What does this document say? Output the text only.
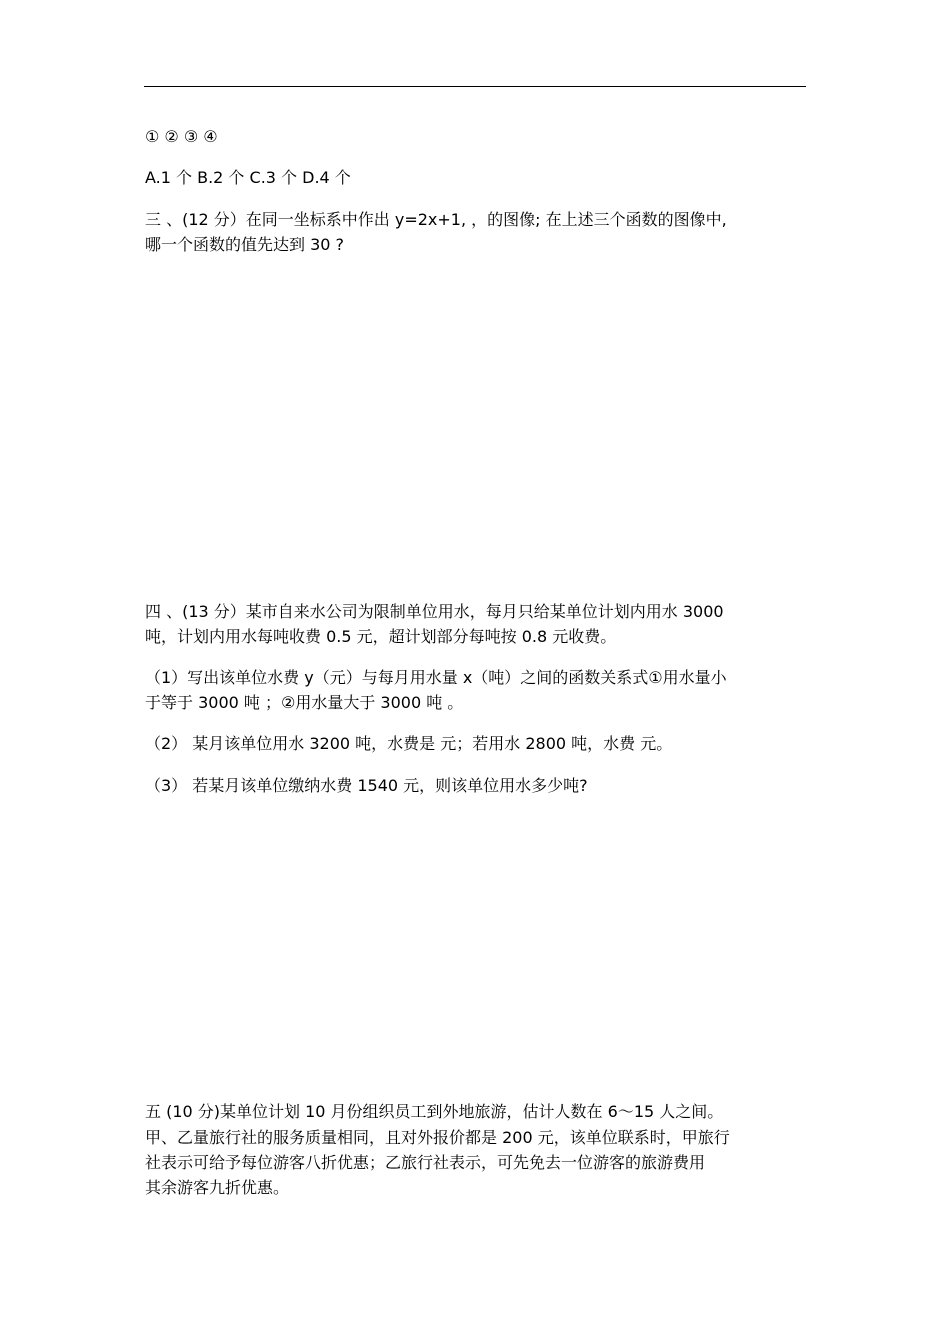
① ② ③ ④
A.1 个 B.2 个 C.3 个 D.4 个
三 、(12 分）在同一坐标系中作出 y=2x+1, ，的图像; 在上述三个函数的图像中,
哪一个函数的值先达到 30 ?
四 、(13 分）某市自来水公司为限制单位用水，每月只给某单位计划内用水 3000
吨，计划内用水每吨收费 0.5 元，超计划部分每吨按 0.8 元收费。
（1）写出该单位水费 y（元）与每月用水量 x（吨）之间的函数关系式①用水量小
于等于 3000 吨 ；②用水量大于 3000 吨 。
（2） 某月该单位用水 3200 吨，水费是 元；若用水 2800 吨，水费 元。
（3） 若某月该单位缴纳水费 1540 元，则该单位用水多少吨?
五 (10 分)某单位计划 10 月份组织员工到外地旅游，估计人数在 6～15 人之间。
甲、乙量旅行社的服务质量相同，且对外报价都是 200 元，该单位联系时，甲旅行
社表示可给予每位游客八折优惠；乙旅行社表示，可先免去一位游客的旅游费用
其余游客九折优惠。
